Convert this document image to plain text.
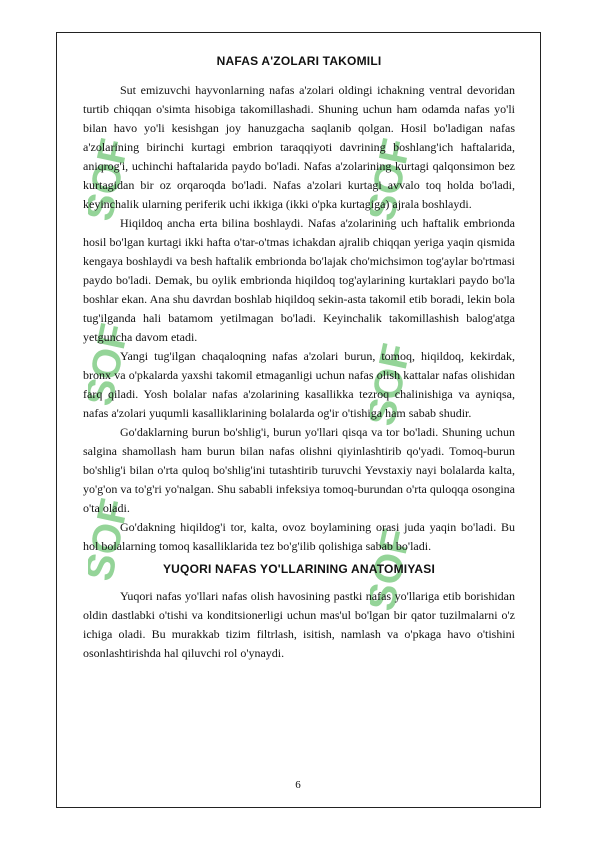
SOF	SOF
SOF	SOF
SOF	SOF
NAFAS A'ZOLARI TAKOMILI

Sut emizuvchi hayvonlarning nafas a'zolari oldingi ichakning ventral devoridan turtib chiqqan o'simta hisobiga takomillashadi. Shuning uchun ham odamda nafas yo'li bilan havo yo'li kesishgan joy hanuzgacha saqlanib qolgan. Hosil bo'ladigan nafas a'zolarining birinchi kurtagi embrion taraqqiyoti davrining boshlang'ich haftalarida, aniqrog'i, uchinchi haftalarida paydo bo'ladi. Nafas a'zolarining kurtagi qalqonsimon bez kurtagidan bir oz orqaroqda bo'ladi. Nafas a'zolari kurtagi avvalo toq holda bo'ladi, keyinchalik ularning periferik uchi ikkiga (ikki o'pka kurtagiga) ajrala boshlaydi.

Hiqildoq ancha erta bilina boshlaydi. Nafas a'zolarining uch haftalik embrionda hosil bo'lgan kurtagi ikki hafta o'tar-o'tmas ichakdan ajralib chiqqan yeriga yaqin qismida kengaya boshlaydi va besh haftalik embrionda bo'lajak cho'michsimon tog'aylar bo'rtmasi paydo bo'ladi. Demak, bu oylik embrionda hiqildoq tog'aylarining kurtaklari paydo bo'la boshlar ekan. Ana shu davrdan boshlab hiqildoq sekin-asta takomil etib boradi, lekin bola tug'ilganda hali batamom yetilmagan bo'ladi. Keyinchalik takomillashish balog'atga yetguncha davom etadi.

Yangi tug'ilgan chaqaloqning nafas a'zolari burun, tomoq, hiqildoq, kekirdak, bronx va o'pkalarda yaxshi takomil etmaganligi uchun nafas olish kattalar nafas olishidan farq qiladi. Yosh bolalar nafas a'zolarining kasallikka tezroq chalinishiga va ayniqsa, nafas a'zolari yuqumli kasalliklarining bolalarda og'ir o'tishiga ham sabab shudir.

Go'daklarning burun bo'shlig'i, burun yo'llari qisqa va tor bo'ladi. Shuning uchun salgina shamollash ham burun bilan nafas olishni qiyinlashtirib qo'yadi. Tomoq-burun bo'shlig'i bilan o'rta quloq bo'shlig'ini tutashtirib turuvchi Yevstaxiy nayi bolalarda kalta, yo'g'on va to'g'ri yo'nalgan. Shu sababli infeksiya tomoq-burundan o'rta quloqqa osongina o'ta oladi.

Go'dakning hiqildog'i tor, kalta, ovoz boylamining orasi juda yaqin bo'ladi. Bu hol bolalarning tomoq kasalliklarida tez bo'g'ilib qolishiga sabab bo'ladi.

YUQORI NAFAS YO'LLARINING ANATOMIYASI

Yuqori nafas yo'llari nafas olish havosining pastki nafas yo'llariga etib borishidan oldin dastlabki o'tishi va konditsionerligi uchun mas'ul bo'lgan bir qator tuzilmalarni o'z ichiga oladi. Bu murakkab tizim filtrlash, isitish, namlash va o'pkaga havo o'tishini osonlashtirishda hal qiluvchi rol o'ynaydi.

6
